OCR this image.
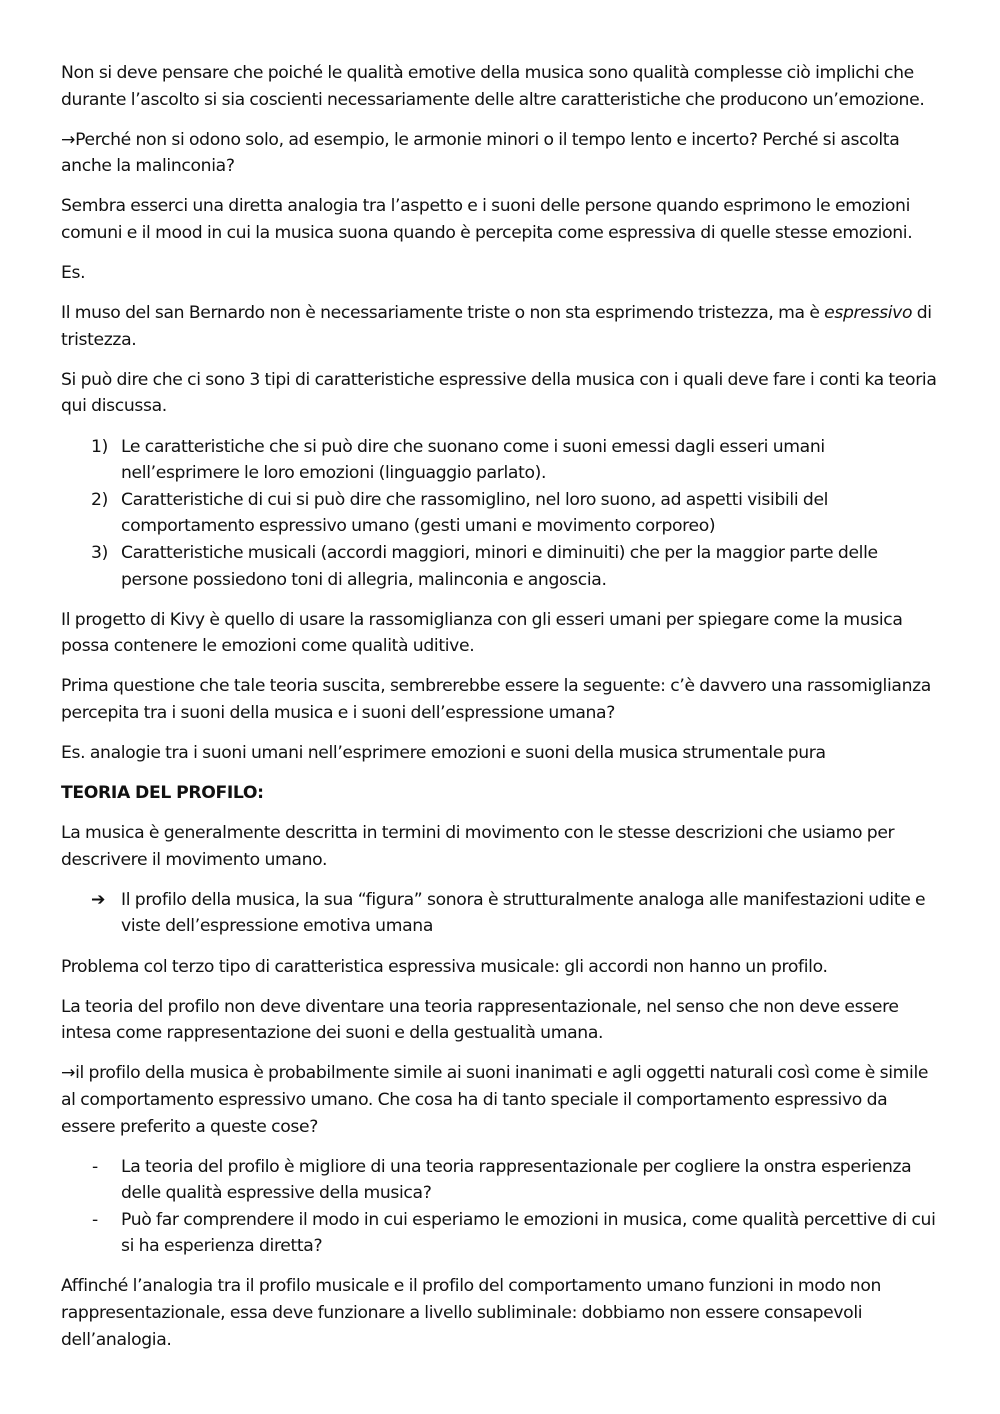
Non si deve pensare che poiché le qualità emotive della musica sono qualità complesse ciò implichi che durante l’ascolto si sia coscienti necessariamente delle altre caratteristiche che producono un’emozione.

→Perché non si odono solo, ad esempio, le armonie minori o il tempo lento e incerto? Perché si ascolta anche la malinconia?

Sembra esserci una diretta analogia tra l’aspetto e i suoni delle persone quando esprimono le emozioni comuni e il mood in cui la musica suona quando è percepita come espressiva di quelle stesse emozioni.

Es.

Il muso del san Bernardo non è necessariamente triste o non sta esprimendo tristezza, ma è espressivo di tristezza.

Si può dire che ci sono 3 tipi di caratteristiche espressive della musica con i quali deve fare i conti ka teoria qui discussa.

1) Le caratteristiche che si può dire che suonano come i suoni emessi dagli esseri umani nell’esprimere le loro emozioni (linguaggio parlato).
2) Caratteristiche di cui si può dire che rassomiglino, nel loro suono, ad aspetti visibili del comportamento espressivo umano (gesti umani e movimento corporeo)
3) Caratteristiche musicali (accordi maggiori, minori e diminuiti) che per la maggior parte delle persone possiedono toni di allegria, malinconia e angoscia.

Il progetto di Kivy è quello di usare la rassomiglianza con gli esseri umani per spiegare come la musica possa contenere le emozioni come qualità uditive.

Prima questione che tale teoria suscita, sembrerebbe essere la seguente: c’è davvero una rassomiglianza percepita tra i suoni della musica e i suoni dell’espressione umana?

Es. analogie tra i suoni umani nell’esprimere emozioni e suoni della musica strumentale pura

TEORIA DEL PROFILO:

La musica è generalmente descritta in termini di movimento con le stesse descrizioni che usiamo per descrivere il movimento umano.

➔ Il profilo della musica, la sua “figura” sonora è strutturalmente analoga alle manifestazioni udite e viste dell’espressione emotiva umana

Problema col terzo tipo di caratteristica espressiva musicale: gli accordi non hanno un profilo.

La teoria del profilo non deve diventare una teoria rappresentazionale, nel senso che non deve essere intesa come rappresentazione dei suoni e della gestualità umana.

→il profilo della musica è probabilmente simile ai suoni inanimati e agli oggetti naturali così come è simile al comportamento espressivo umano. Che cosa ha di tanto speciale il comportamento espressivo da essere preferito a queste cose?

- La teoria del profilo è migliore di una teoria rappresentazionale per cogliere la onstra esperienza delle qualità espressive della musica?
- Può far comprendere il modo in cui esperiamo le emozioni in musica, come qualità percettive di cui si ha esperienza diretta?

Affinché l’analogia tra il profilo musicale e il profilo del comportamento umano funzioni in modo non rappresentazionale, essa deve funzionare a livello subliminale: dobbiamo non essere consapevoli dell’analogia.
